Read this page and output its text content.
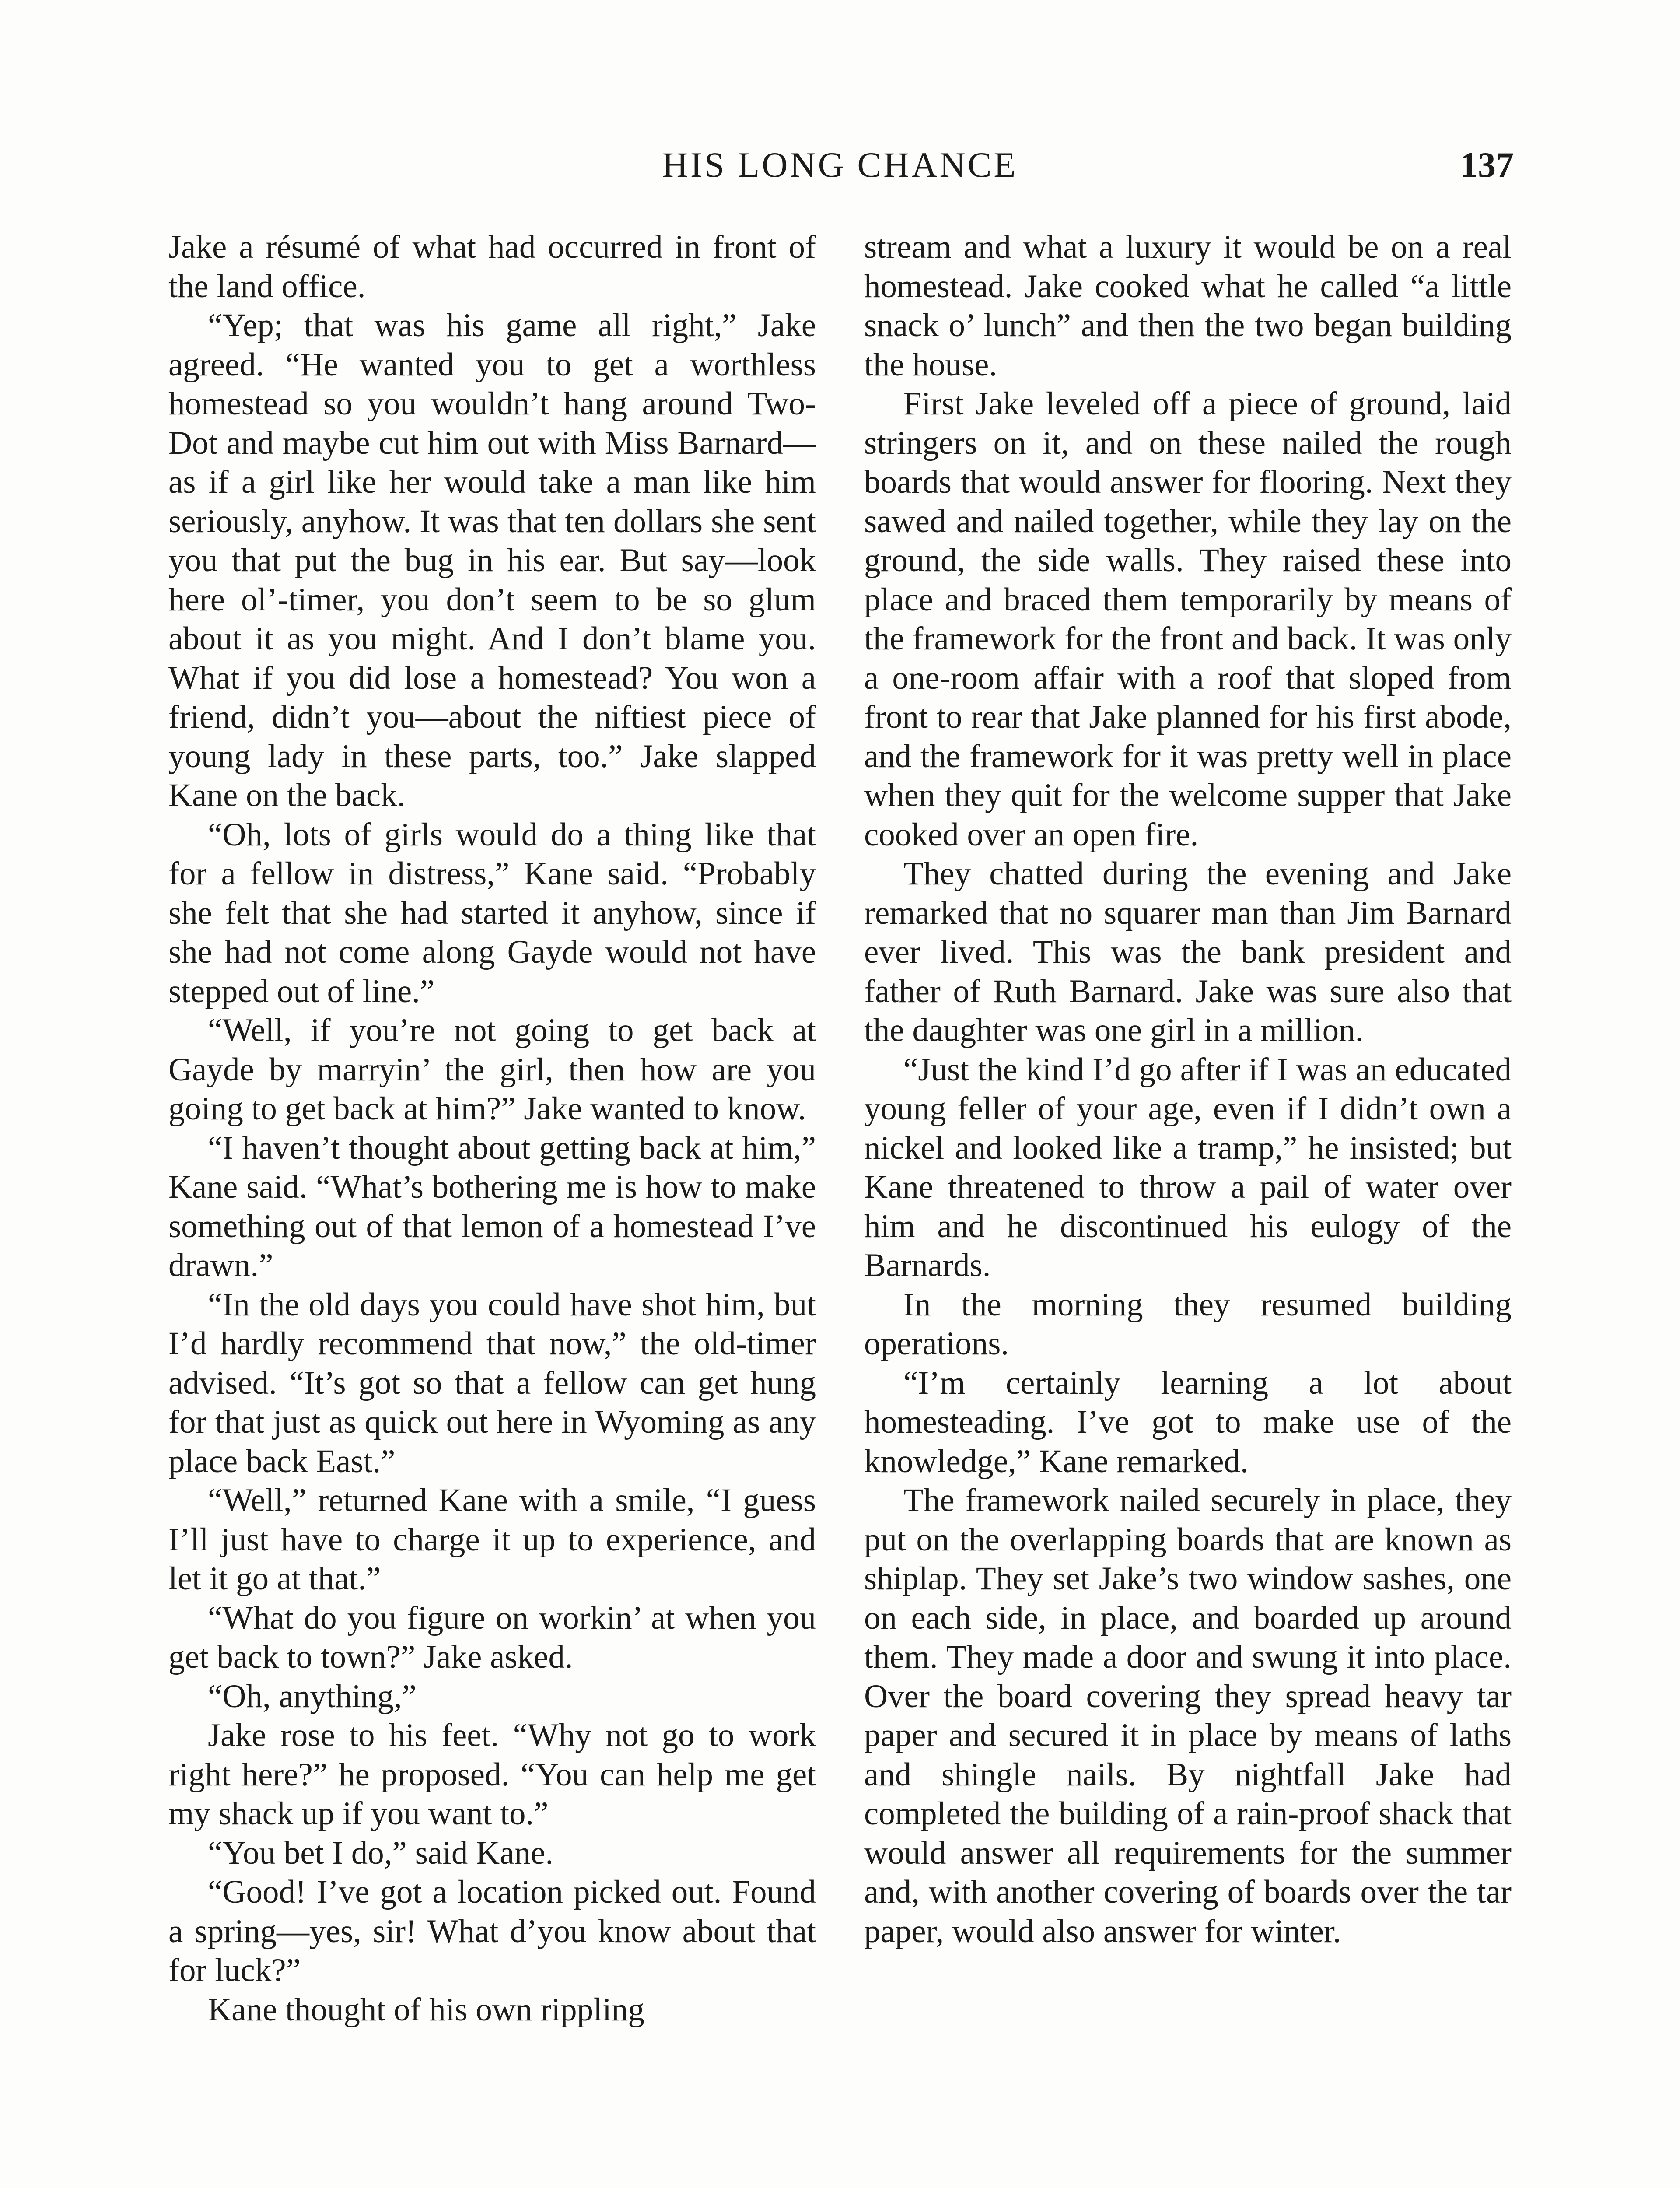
HIS LONG CHANCE	137

Jake a résumé of what had occurred in front of the land office.

“Yep; that was his game all right,” Jake agreed. “He wanted you to get a worthless homestead so you wouldn’t hang around Two-Dot and maybe cut him out with Miss Barnard—as if a girl like her would take a man like him seriously, anyhow. It was that ten dollars she sent you that put the bug in his ear. But say—look here ol’-timer, you don’t seem to be so glum about it as you might. And I don’t blame you. What if you did lose a homestead? You won a friend, didn’t you—about the niftiest piece of young lady in these parts, too.” Jake slapped Kane on the back.

“Oh, lots of girls would do a thing like that for a fellow in distress,” Kane said. “Probably she felt that she had started it anyhow, since if she had not come along Gayde would not have stepped out of line.”

“Well, if you’re not going to get back at Gayde by marryin’ the girl, then how are you going to get back at him?” Jake wanted to know.

“I haven’t thought about getting back at him,” Kane said. “What’s bothering me is how to make something out of that lemon of a homestead I’ve drawn.”

“In the old days you could have shot him, but I’d hardly recommend that now,” the old-timer advised. “It’s got so that a fellow can get hung for that just as quick out here in Wyoming as any place back East.”

“Well,” returned Kane with a smile, “I guess I’ll just have to charge it up to experience, and let it go at that.”

“What do you figure on workin’ at when you get back to town?” Jake asked.

“Oh, anything,”

Jake rose to his feet. “Why not go to work right here?” he proposed. “You can help me get my shack up if you want to.”

“You bet I do,” said Kane.

“Good! I’ve got a location picked out. Found a spring—yes, sir! What d’you know about that for luck?”

Kane thought of his own rippling

stream and what a luxury it would be on a real homestead. Jake cooked what he called “a little snack o’ lunch” and then the two began building the house.

First Jake leveled off a piece of ground, laid stringers on it, and on these nailed the rough boards that would answer for flooring. Next they sawed and nailed together, while they lay on the ground, the side walls. They raised these into place and braced them temporarily by means of the framework for the front and back. It was only a one-room affair with a roof that sloped from front to rear that Jake planned for his first abode, and the framework for it was pretty well in place when they quit for the welcome supper that Jake cooked over an open fire.

They chatted during the evening and Jake remarked that no squarer man than Jim Barnard ever lived. This was the bank president and father of Ruth Barnard. Jake was sure also that the daughter was one girl in a million.

“Just the kind I’d go after if I was an educated young feller of your age, even if I didn’t own a nickel and looked like a tramp,” he insisted; but Kane threatened to throw a pail of water over him and he discontinued his eulogy of the Barnards.

In the morning they resumed building operations.

“I’m certainly learning a lot about homesteading. I’ve got to make use of the knowledge,” Kane remarked.

The framework nailed securely in place, they put on the overlapping boards that are known as shiplap. They set Jake’s two window sashes, one on each side, in place, and boarded up around them. They made a door and swung it into place. Over the board covering they spread heavy tar paper and secured it in place by means of laths and shingle nails. By nightfall Jake had completed the building of a rain-proof shack that would answer all requirements for the summer and, with another covering of boards over the tar paper, would also answer for winter.
